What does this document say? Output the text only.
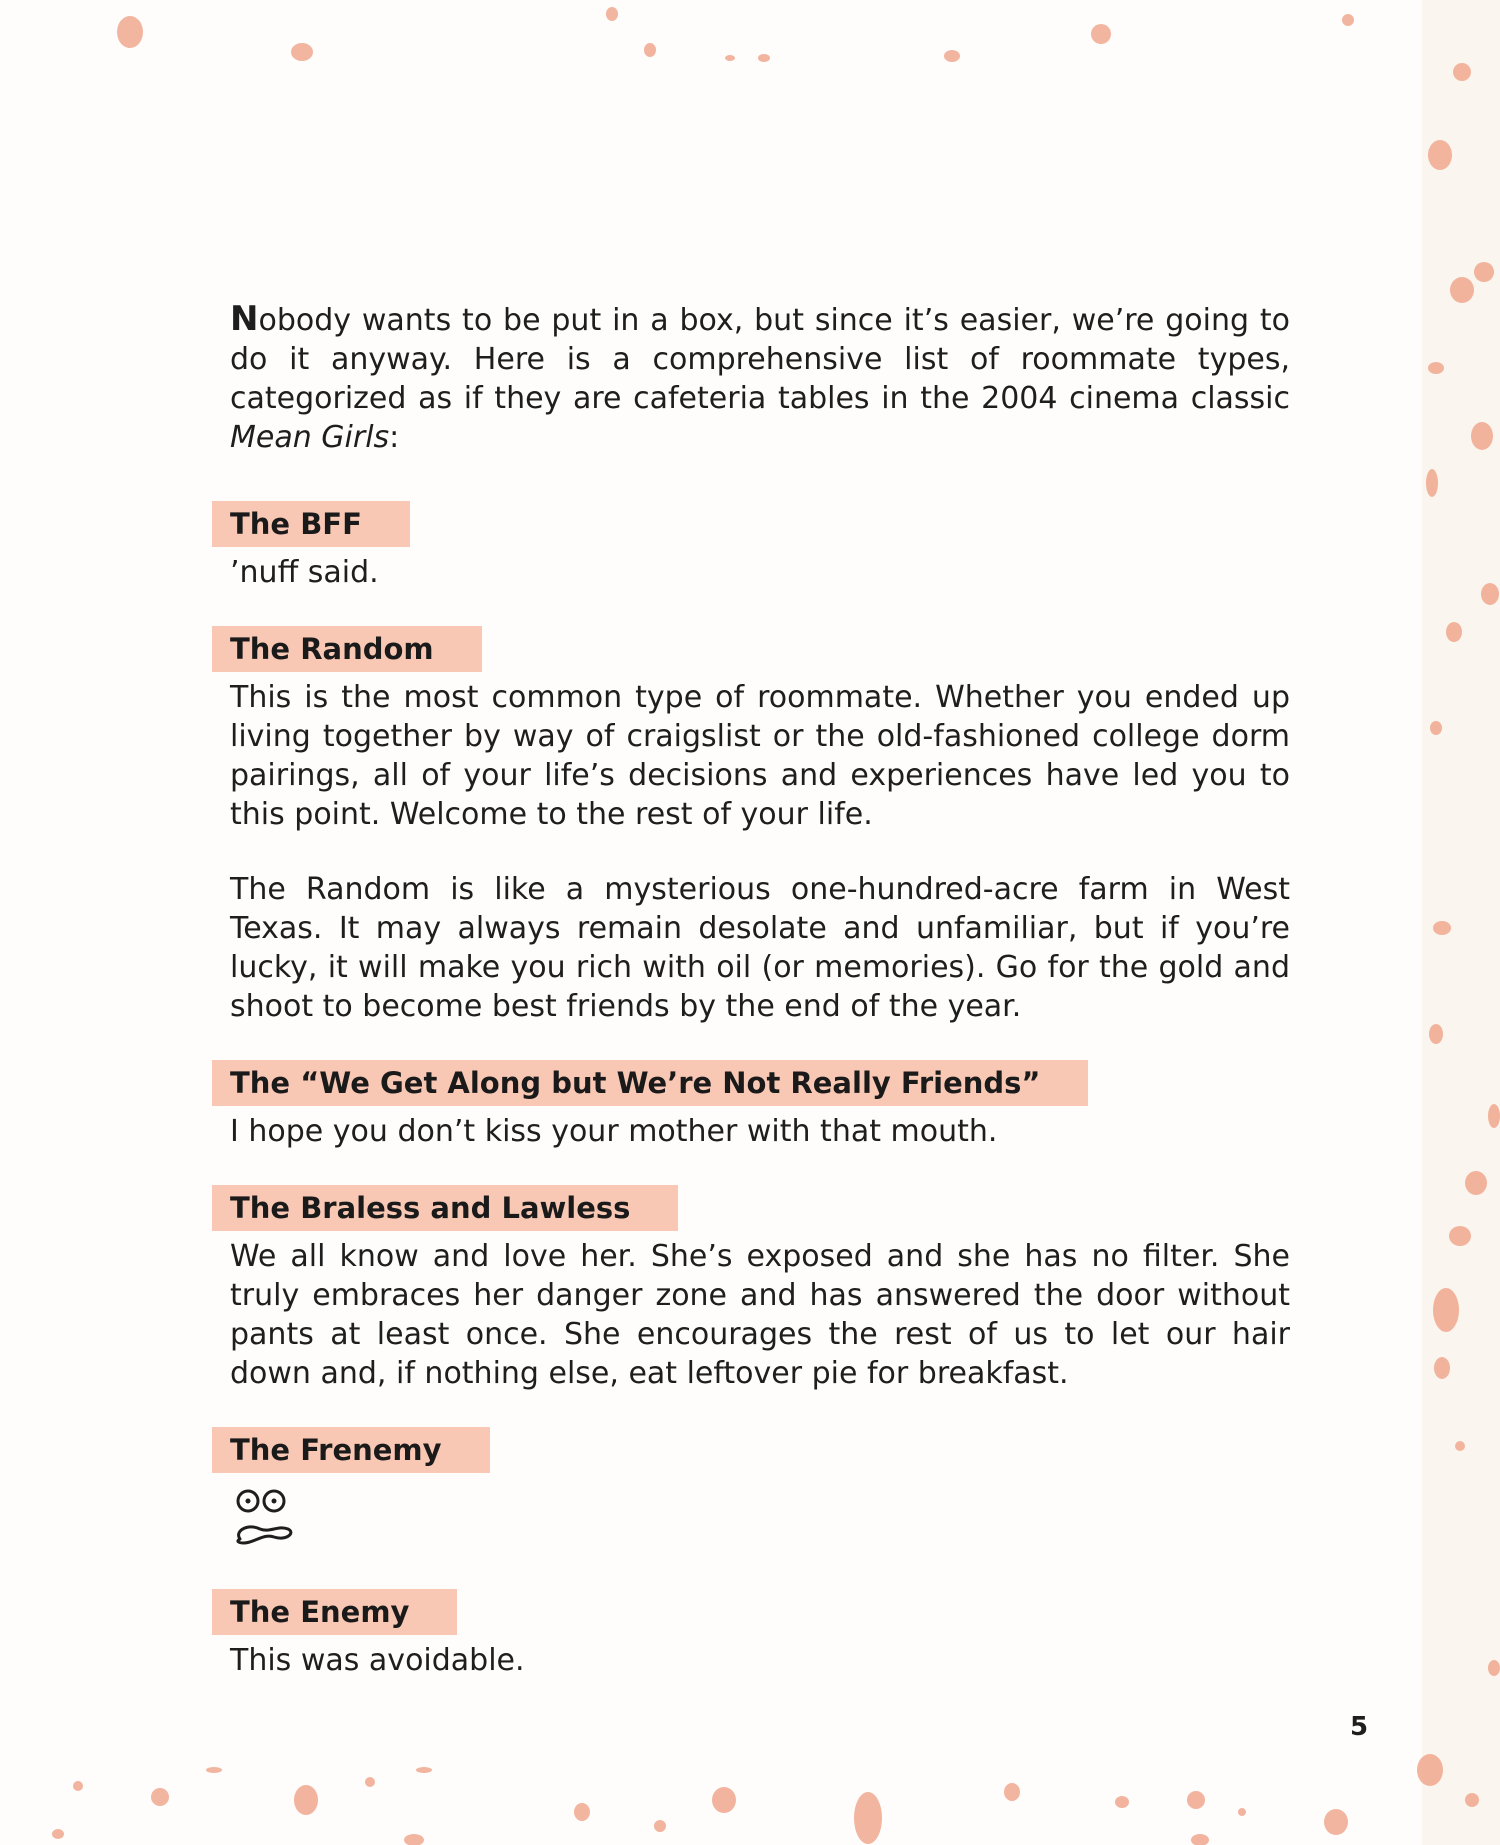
Nobody wants to be put in a box, but since it’s easier, we’re going to do it anyway. Here is a comprehensive list of roommate types, categorized as if they are cafeteria tables in the 2004 cinema classic Mean Girls:

The BFF

’nuff said.

The Random

This is the most common type of roommate. Whether you ended up living together by way of craigslist or the old-fashioned college dorm pairings, all of your life’s decisions and experiences have led you to this point. Welcome to the rest of your life.

The Random is like a mysterious one-hundred-acre farm in West Texas. It may always remain desolate and unfamiliar, but if you’re lucky, it will make you rich with oil (or memories). Go for the gold and shoot to become best friends by the end of the year.

The “We Get Along but We’re Not Really Friends”

I hope you don’t kiss your mother with that mouth.

The Braless and Lawless

We all know and love her. She’s exposed and she has no filter. She truly embraces her danger zone and has answered the door without pants at least once. She encourages the rest of us to let our hair down and, if nothing else, eat leftover pie for breakfast.

The Frenemy
The Enemy

This was avoidable.

5
